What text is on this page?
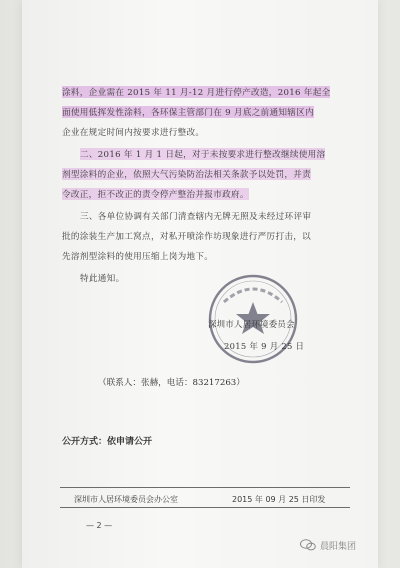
涂料，企业需在 2015 年 11 月-12 月进行停产改造，2016 年起全
面使用低挥发性涂料，各环保主管部门在 9 月底之前通知辖区内
企业在规定时间内按要求进行整改。
二、2016 年 1 月 1 日起，对于未按要求进行整改继续使用溶
剂型涂料的企业，依照大气污染防治法相关条款予以处罚，并责
令改正，拒不改正的责令停产整治并报市政府。
三、各单位协调有关部门清查辖内无牌无照及未经过环评审
批的涂装生产加工窝点，对私开喷涂作坊现象进行严厉打击，以
先溶剂型涂料的使用压缩上岗为地下。
特此通知。
深圳市人居环境委员会
2015 年 9 月 25 日
（联系人：张赫，电话：83217263）
公开方式：依申请公开
深圳市人居环境委员会办公室	2015 年 09 月 25 日印发
— 2 —
晨阳集团
